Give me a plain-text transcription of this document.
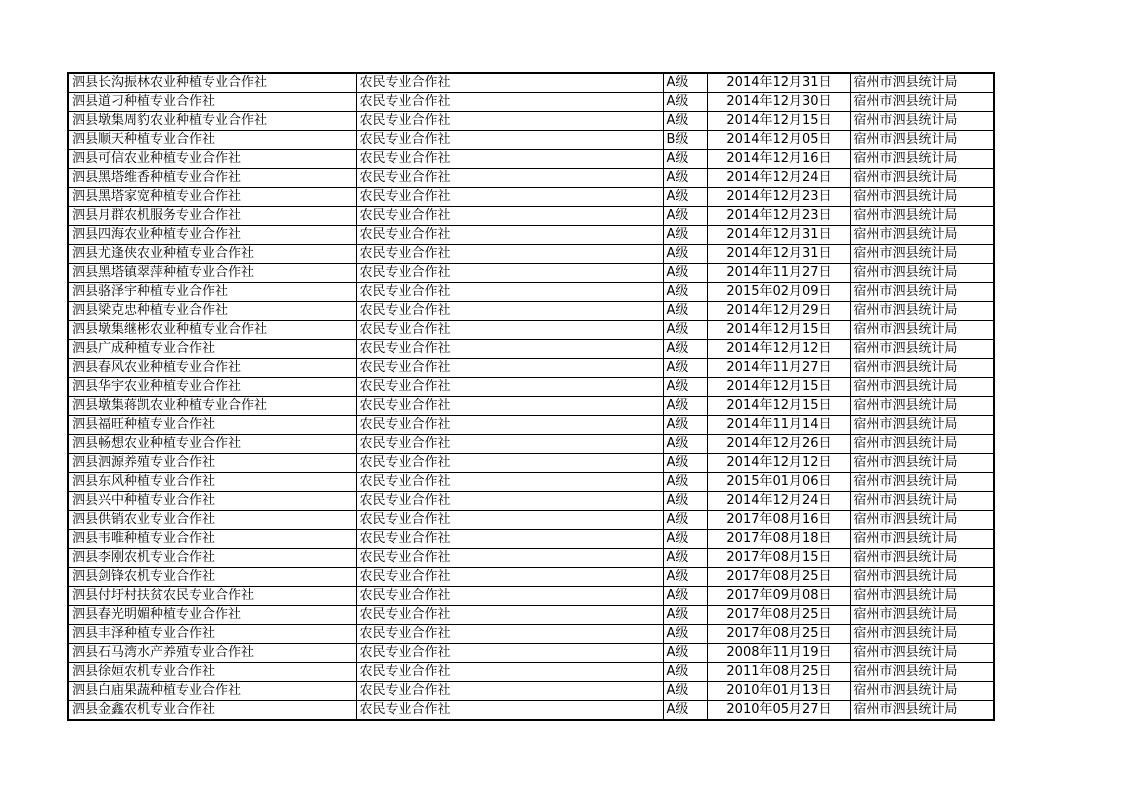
泗县长沟振林农业种植专业合作社	农民专业合作社	A级	2014年12月31日	宿州市泗县统计局
泗县道刁种植专业合作社	农民专业合作社	A级	2014年12月30日	宿州市泗县统计局
泗县墩集周豹农业种植专业合作社	农民专业合作社	A级	2014年12月15日	宿州市泗县统计局
泗县顺天种植专业合作社	农民专业合作社	B级	2014年12月05日	宿州市泗县统计局
泗县可信农业种植专业合作社	农民专业合作社	A级	2014年12月16日	宿州市泗县统计局
泗县黑塔维香种植专业合作社	农民专业合作社	A级	2014年12月24日	宿州市泗县统计局
泗县黑塔家宽种植专业合作社	农民专业合作社	A级	2014年12月23日	宿州市泗县统计局
泗县月群农机服务专业合作社	农民专业合作社	A级	2014年12月23日	宿州市泗县统计局
泗县四海农业种植专业合作社	农民专业合作社	A级	2014年12月31日	宿州市泗县统计局
泗县尤逢侠农业种植专业合作社	农民专业合作社	A级	2014年12月31日	宿州市泗县统计局
泗县黑塔镇翠萍种植专业合作社	农民专业合作社	A级	2014年11月27日	宿州市泗县统计局
泗县骆泽宇种植专业合作社	农民专业合作社	A级	2015年02月09日	宿州市泗县统计局
泗县梁克忠种植专业合作社	农民专业合作社	A级	2014年12月29日	宿州市泗县统计局
泗县墩集继彬农业种植专业合作社	农民专业合作社	A级	2014年12月15日	宿州市泗县统计局
泗县广成种植专业合作社	农民专业合作社	A级	2014年12月12日	宿州市泗县统计局
泗县春风农业种植专业合作社	农民专业合作社	A级	2014年11月27日	宿州市泗县统计局
泗县华宇农业种植专业合作社	农民专业合作社	A级	2014年12月15日	宿州市泗县统计局
泗县墩集蒋凯农业种植专业合作社	农民专业合作社	A级	2014年12月15日	宿州市泗县统计局
泗县福旺种植专业合作社	农民专业合作社	A级	2014年11月14日	宿州市泗县统计局
泗县畅想农业种植专业合作社	农民专业合作社	A级	2014年12月26日	宿州市泗县统计局
泗县泗源养殖专业合作社	农民专业合作社	A级	2014年12月12日	宿州市泗县统计局
泗县东风种植专业合作社	农民专业合作社	A级	2015年01月06日	宿州市泗县统计局
泗县兴中种植专业合作社	农民专业合作社	A级	2014年12月24日	宿州市泗县统计局
泗县供销农业专业合作社	农民专业合作社	A级	2017年08月16日	宿州市泗县统计局
泗县韦唯种植专业合作社	农民专业合作社	A级	2017年08月18日	宿州市泗县统计局
泗县李刚农机专业合作社	农民专业合作社	A级	2017年08月15日	宿州市泗县统计局
泗县剑锋农机专业合作社	农民专业合作社	A级	2017年08月25日	宿州市泗县统计局
泗县付圩村扶贫农民专业合作社	农民专业合作社	A级	2017年09月08日	宿州市泗县统计局
泗县春光明媚种植专业合作社	农民专业合作社	A级	2017年08月25日	宿州市泗县统计局
泗县丰泽种植专业合作社	农民专业合作社	A级	2017年08月25日	宿州市泗县统计局
泗县石马湾水产养殖专业合作社	农民专业合作社	A级	2008年11月19日	宿州市泗县统计局
泗县徐姮农机专业合作社	农民专业合作社	A级	2011年08月25日	宿州市泗县统计局
泗县白庙果蔬种植专业合作社	农民专业合作社	A级	2010年01月13日	宿州市泗县统计局
泗县金鑫农机专业合作社	农民专业合作社	A级	2010年05月27日	宿州市泗县统计局
